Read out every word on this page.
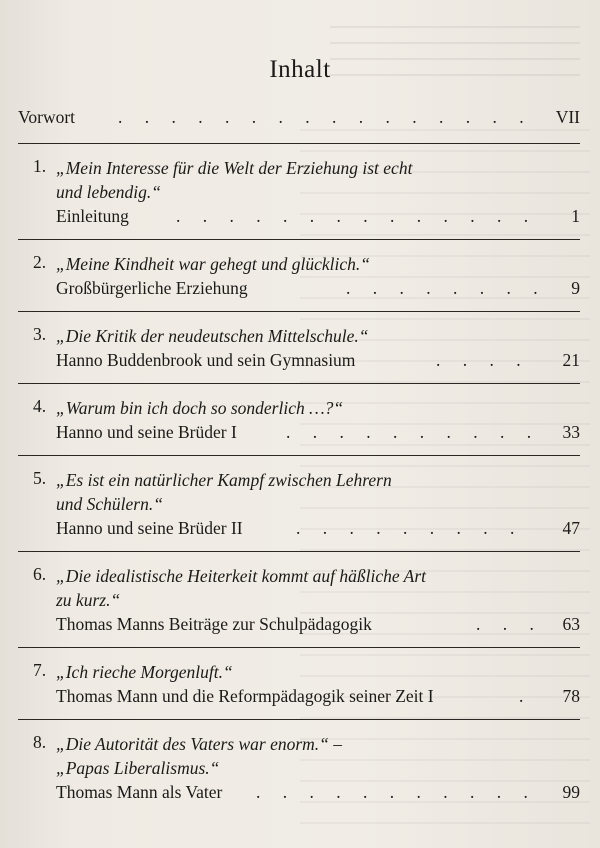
Inhalt
Vorwort	VII
. . . . . . . . . . . . . . . .
1. „Mein Interesse für die Welt der Erziehung ist echt
und lebendig.“
Einleitung	. . . . . . . . . . . . . . 1
2. „Meine Kindheit war gehegt und glücklich.“
Großbürgerliche Erziehung	. . . . . . . . 9
3. „Die Kritik der neudeutschen Mittelschule.“
Hanno Buddenbrook und sein Gymnasium	. . . . 21
4. „Warum bin ich doch so sonderlich …?“
Hanno und seine Brüder I	. . . . . . . . . . 33
5. „Es ist ein natürlicher Kampf zwischen Lehrern
und Schülern.“
Hanno und seine Brüder II	. . . . . . . . . 47
6. „Die idealistische Heiterkeit kommt auf häßliche Art
zu kurz.“
Thomas Manns Beiträge zur Schulpädagogik	. . . 63
7. „Ich rieche Morgenluft.“
Thomas Mann und die Reformpädagogik seiner Zeit I	. 78
8. „Die Autorität des Vaters war enorm.“ –
„Papas Liberalismus.“
Thomas Mann als Vater . . . . . . . . . . . 99
